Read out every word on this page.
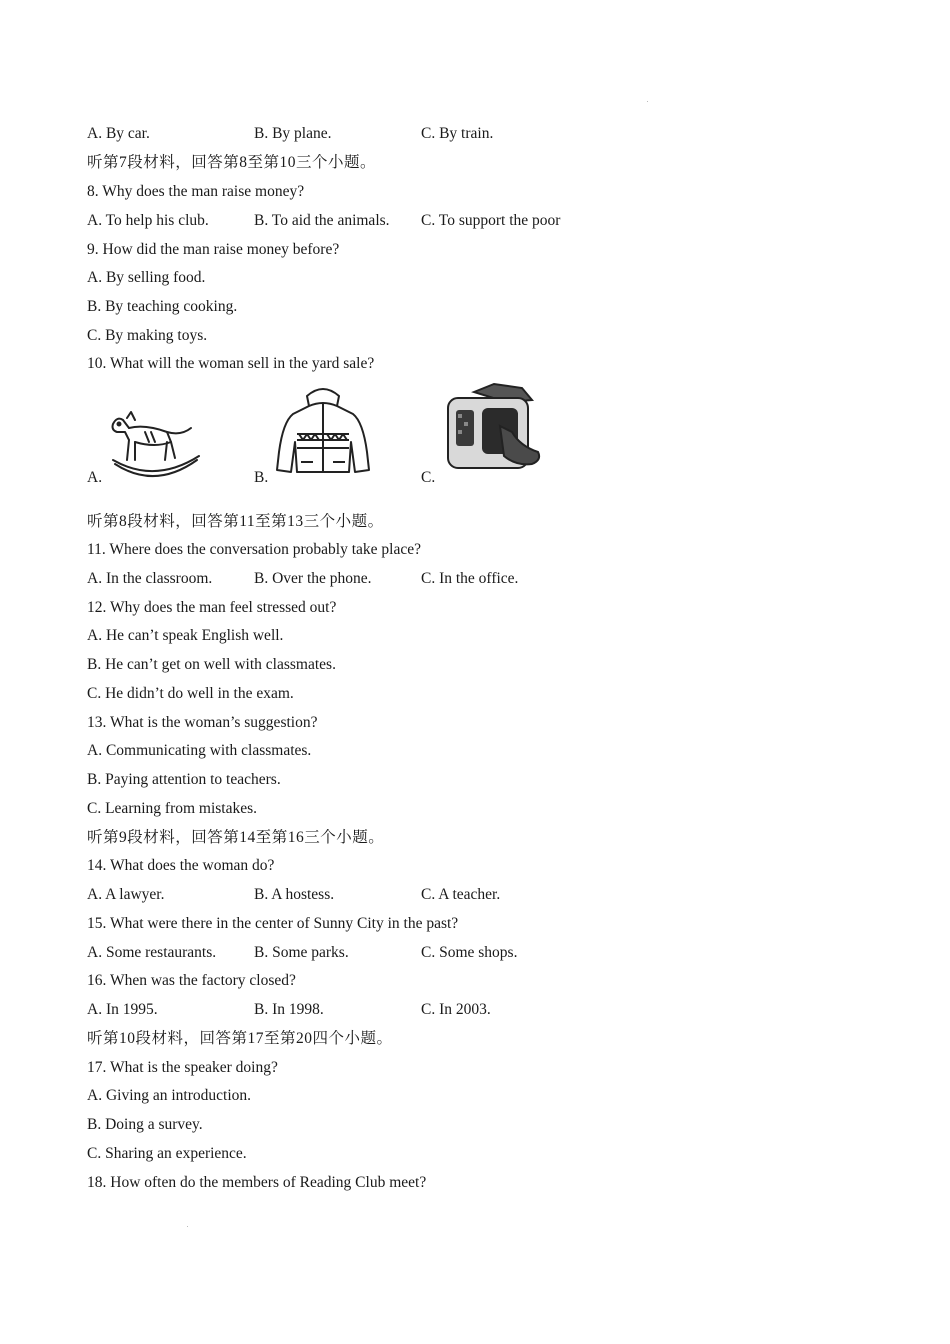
A. By car.	B. By plane.	C. By train.
听第7段材料，回答第8至第10三个小题。
8. Why does the man raise money?
A. To help his club.	B. To aid the animals. C. To support the poor
9. How did the man raise money before?
A. By selling food.
B. By teaching cooking.
C. By making toys.
10. What will the woman sell in the yard sale?
A.	B.	C.
听第8段材料，回答第11至第13三个小题。
11. Where does the conversation probably take place?
A. In the classroom.	B. Over the phone.	C. In the office.
12. Why does the man feel stressed out?
A. He can’t speak English well.
B. He can’t get on well with classmates.
C. He didn’t do well in the exam.
13. What is the woman’s suggestion?
A. Communicating with classmates.
B. Paying attention to teachers.
C. Learning from mistakes.
听第9段材料，回答第14至第16三个小题。
14. What does the woman do?
A. A lawyer.	B. A hostess.	C. A teacher.
15. What were there in the center of Sunny City in the past?
A. Some restaurants. B. Some parks.	C. Some shops.
16. When was the factory closed?
A. In 1995.	B. In 1998.	C. In 2003.
听第10段材料，回答第17至第20四个小题。
17. What is the speaker doing?
A. Giving an introduction.
B. Doing a survey.
C. Sharing an experience.
18. How often do the members of Reading Club meet?
